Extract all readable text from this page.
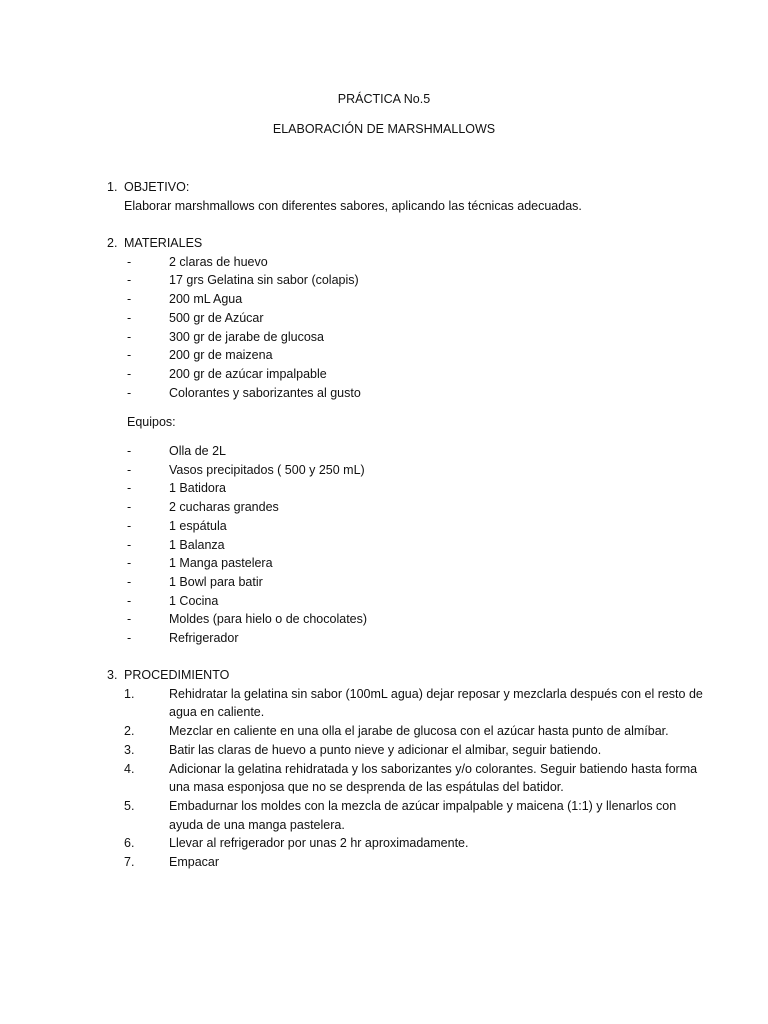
PRÁCTICA No.5
ELABORACIÓN DE MARSHMALLOWS
1. OBJETIVO:
Elaborar marshmallows con diferentes sabores, aplicando las técnicas adecuadas.
2. MATERIALES
-	2 claras de huevo
-	17 grs Gelatina sin sabor (colapis)
-	200 mL Agua
-	500 gr de Azúcar
-	300 gr de jarabe de glucosa
-	200 gr de maizena
-	200 gr de azúcar impalpable
-	Colorantes y saborizantes al gusto
Equipos:
-	Olla de 2L
-	Vasos precipitados ( 500 y 250 mL)
-	1 Batidora
-	2 cucharas grandes
-	1 espátula
-	1 Balanza
-	1 Manga pastelera
-	1 Bowl para batir
-	1 Cocina
-	Moldes (para hielo o de chocolates)
-	Refrigerador
3. PROCEDIMIENTO
1.	Rehidratar la gelatina sin sabor (100mL agua) dejar reposar y mezclarla después con el resto de agua en caliente.
2.	Mezclar en caliente en una olla el jarabe de glucosa con el azúcar hasta punto de almíbar.
3.	Batir las claras de huevo a punto nieve y adicionar el almibar, seguir batiendo.
4.	Adicionar la gelatina rehidratada y los saborizantes y/o colorantes. Seguir batiendo hasta forma una masa esponjosa que no se desprenda de las espátulas del batidor.
5.	Embadurnar los moldes con la mezcla de azúcar impalpable y maicena (1:1) y llenarlos con ayuda de una manga pastelera.
6.	Llevar al refrigerador por unas 2 hr aproximadamente.
7.	Empacar
